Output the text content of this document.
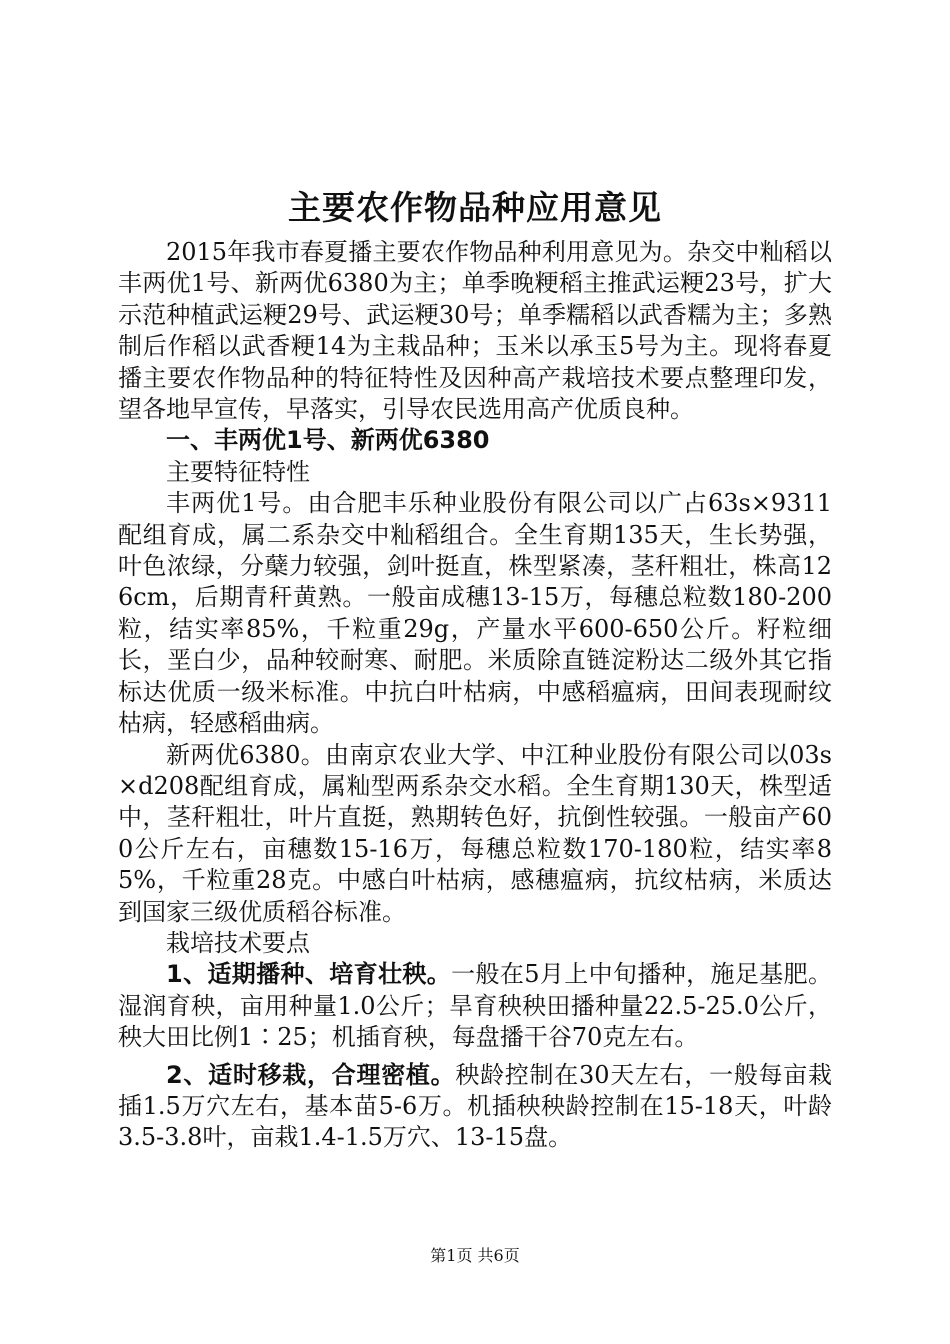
主要农作物品种应用意见

2015年我市春夏播主要农作物品种利用意见为。杂交中籼稻以丰两优1号、新两优6380为主；单季晚粳稻主推武运粳23号，扩大示范种植武运粳29号、武运粳30号；单季糯稻以武香糯为主；多熟制后作稻以武香粳14为主栽品种；玉米以承玉5号为主。现将春夏播主要农作物品种的特征特性及因种高产栽培技术要点整理印发，望各地早宣传，早落实，引导农民选用高产优质良种。

一、丰两优1号、新两优6380

主要特征特性

丰两优1号。由合肥丰乐种业股份有限公司以广占63s×9311配组育成，属二系杂交中籼稻组合。全生育期135天，生长势强，叶色浓绿，分蘖力较强，剑叶挺直，株型紧凑，茎秆粗壮，株高126cm，后期青秆黄熟。一般亩成穗13-15万，每穗总粒数180-200粒，结实率85%，千粒重29g，产量水平600-650公斤。籽粒细长，垩白少，品种较耐寒、耐肥。米质除直链淀粉达二级外其它指标达优质一级米标准。中抗白叶枯病，中感稻瘟病，田间表现耐纹枯病，轻感稻曲病。

新两优6380。由南京农业大学、中江种业股份有限公司以03s×d208配组育成，属籼型两系杂交水稻。全生育期130天，株型适中，茎秆粗壮，叶片直挺，熟期转色好，抗倒性较强。一般亩产600公斤左右，亩穗数15-16万，每穗总粒数170-180粒，结实率85%，千粒重28克。中感白叶枯病，感穗瘟病，抗纹枯病，米质达到国家三级优质稻谷标准。

栽培技术要点

1、适期播种、培育壮秧。一般在5月上中旬播种，施足基肥。湿润育秧，亩用种量1.0公斤；旱育秧秧田播种量22.5-25.0公斤，秧大田比例1∶25；机插育秧，每盘播干谷70克左右。

2、适时移栽，合理密植。秧龄控制在30天左右，一般每亩栽插1.5万穴左右，基本苗5-6万。机插秧秧龄控制在15-18天，叶龄3.5-3.8叶，亩栽1.4-1.5万穴、13-15盘。

第1页 共6页
